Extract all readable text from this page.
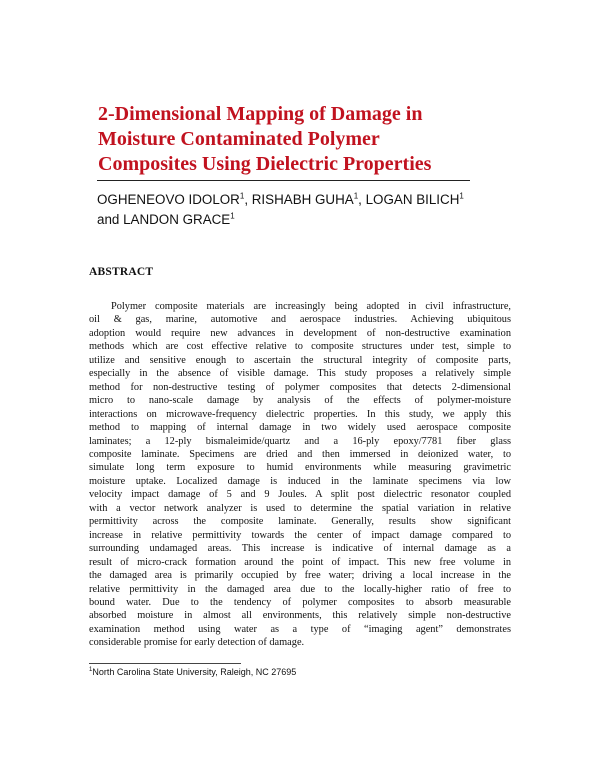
2-Dimensional Mapping of Damage in
Moisture Contaminated Polymer
Composites Using Dielectric Properties
OGHENEOVO IDOLOR$^1$, RISHABH GUHA$^1$, LOGAN BILICH$^1$
and LANDON GRACE$^1$
ABSTRACT
Polymer composite materials are increasingly being adopted in civil infrastructure,
oil & gas, marine, automotive and aerospace industries. Achieving ubiquitous
adoption would require new advances in development of non-destructive examination
methods which are cost effective relative to composite structures under test, simple to
utilize and sensitive enough to ascertain the structural integrity of composite parts,
especially in the absence of visible damage. This study proposes a relatively simple
method for non-destructive testing of polymer composites that detects 2-dimensional
micro to nano-scale damage by analysis of the effects of polymer-moisture
interactions on microwave-frequency dielectric properties. In this study, we apply this
method to mapping of internal damage in two widely used aerospace composite
laminates; a 12-ply bismaleimide/quartz and a 16-ply epoxy/7781 fiber glass
composite laminate. Specimens are dried and then immersed in deionized water, to
simulate long term exposure to humid environments while measuring gravimetric
moisture uptake. Localized damage is induced in the laminate specimens via low
velocity impact damage of 5 and 9 Joules. A split post dielectric resonator coupled
with a vector network analyzer is used to determine the spatial variation in relative
permittivity across the composite laminate. Generally, results show significant
increase in relative permittivity towards the center of impact damage compared to
surrounding undamaged areas. This increase is indicative of internal damage as a
result of micro-crack formation around the point of impact. This new free volume in
the damaged area is primarily occupied by free water; driving a local increase in the
relative permittivity in the damaged area due to the locally-higher ratio of free to
bound water. Due to the tendency of polymer composites to absorb measurable
absorbed moisture in almost all environments, this relatively simple non-destructive
examination method using water as a type of “imaging agent” demonstrates
considerable promise for early detection of damage.
$^1$North Carolina State University, Raleigh, NC 27695
